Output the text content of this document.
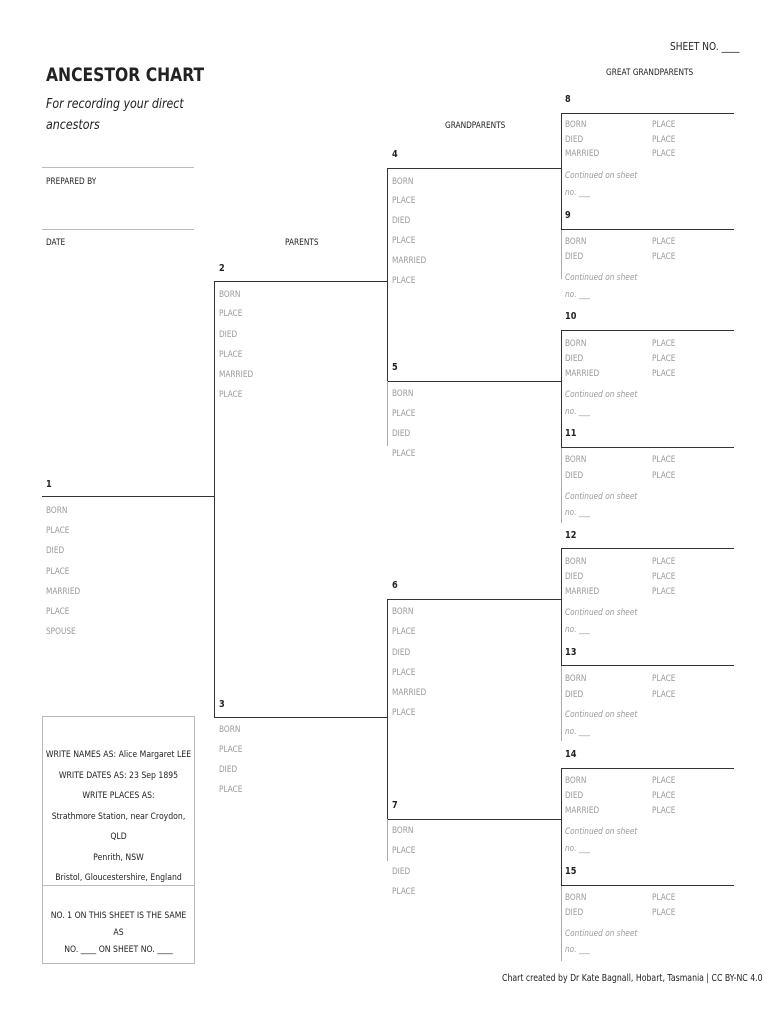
SHEET NO. ____
ANCESTOR CHART
For recording your direct
ancestors
PREPARED BY
DATE	PARENTS
GRANDPARENTS
GREAT GRANDPARENTS
1
BORN
PLACE
DIED
PLACE
MARRIED
PLACE
SPOUSE
2
BORN
PLACE
DIED
PLACE
MARRIED
PLACE
3
BORN
PLACE
DIED
PLACE
4
BORN
PLACE
DIED
PLACE
MARRIED
PLACE
5
BORN
PLACE
DIED
PLACE
6
BORN
PLACE
DIED
PLACE
MARRIED
PLACE
7
BORN
PLACE
DIED
PLACE
8
BORN
DIED
MARRIED
PLACE
PLACE
PLACE
Continued on sheet
no. ___
9
BORN
DIED
PLACE
PLACE
Continued on sheet
no. ___
10
BORN
DIED
MARRIED
PLACE
PLACE
PLACE
Continued on sheet
no. ___
11
BORN
DIED
PLACE
PLACE
Continued on sheet
no. ___
12
BORN
DIED
MARRIED
PLACE
PLACE
PLACE
Continued on sheet
no. ___
13
BORN
DIED
PLACE
PLACE
Continued on sheet
no. ___
14
BORN
DIED
MARRIED
PLACE
PLACE
PLACE
Continued on sheet
no. ___
15
BORN
DIED
PLACE
PLACE
Continued on sheet
no. ___
WRITE NAMES AS: Alice Margaret LEE
WRITE DATES AS: 23 Sep 1895
WRITE PLACES AS:
Strathmore Station, near Croydon, QLD
Penrith, NSW
Bristol, Gloucestershire, England
NO. 1 ON THIS SHEET IS THE SAME AS
NO. ____ ON SHEET NO. ____
Chart created by Dr Kate Bagnall, Hobart, Tasmania | CC BY-NC 4.0
